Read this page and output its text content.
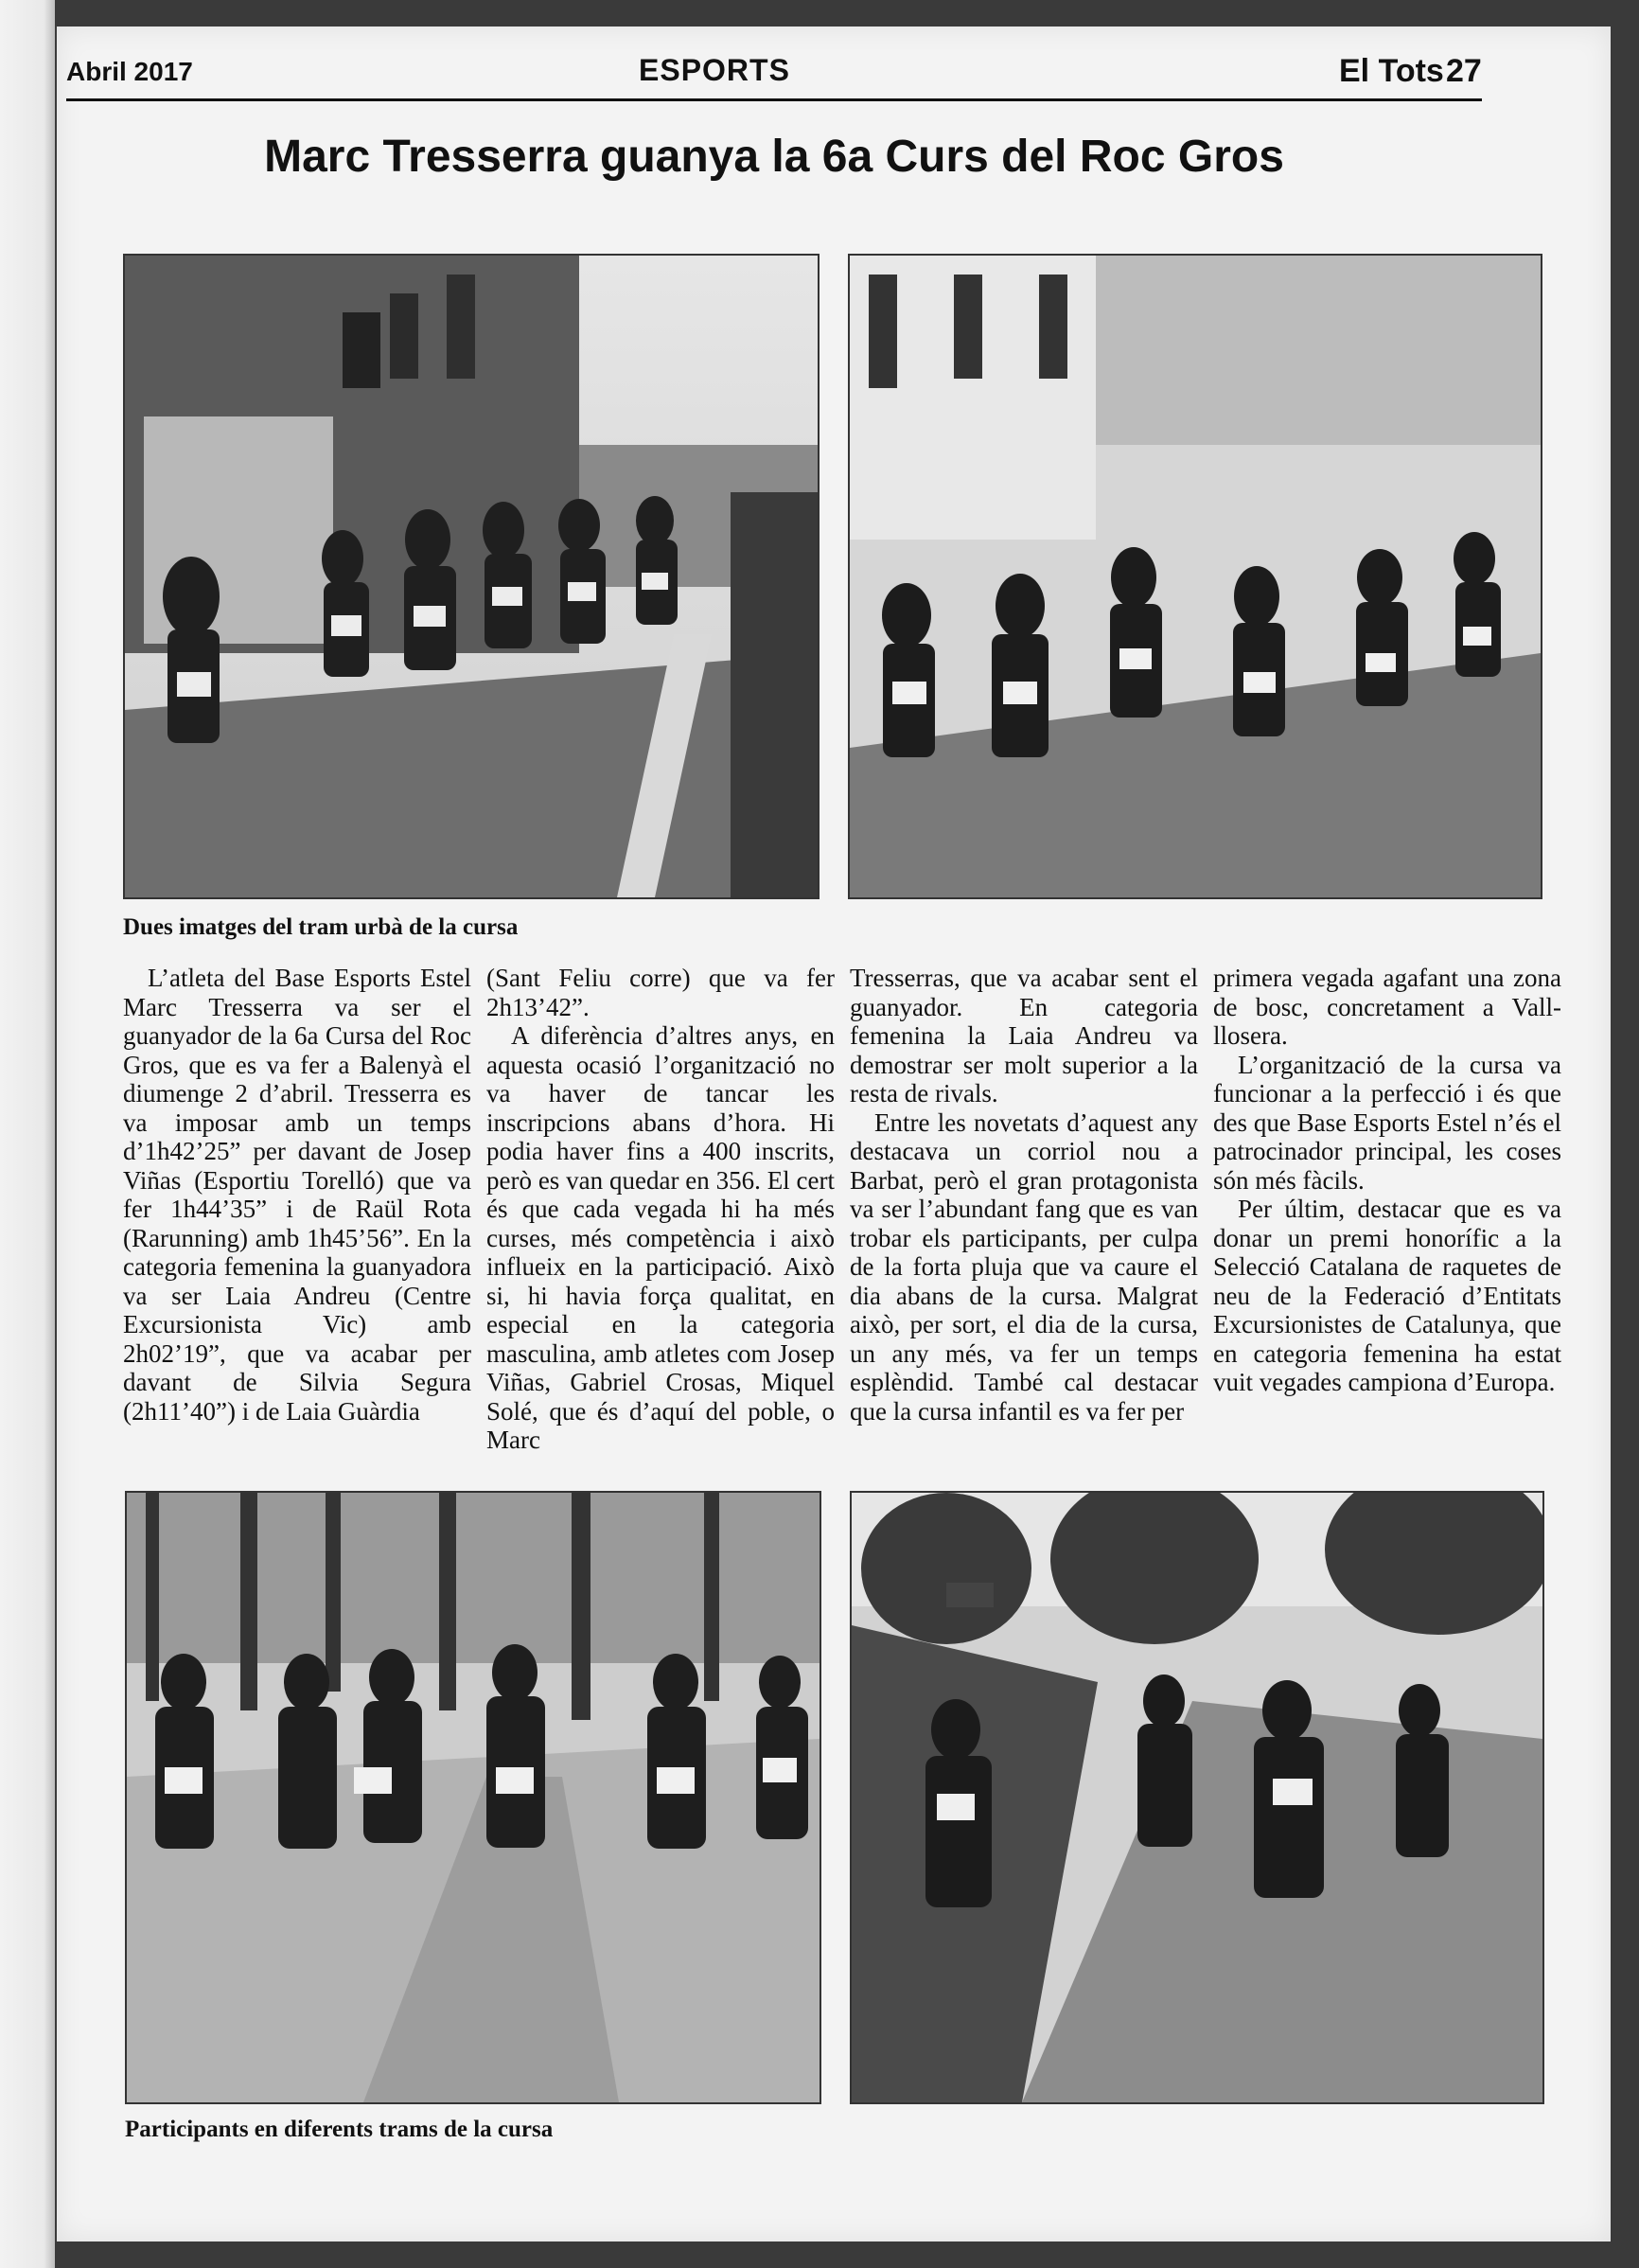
Abril 2017	ESPORTS	El Tots 27
Marc Tresserra guanya la 6a Curs del Roc Gros
Dues imatges del tram urbà de la cursa

L’atleta del Base Esports Estel Marc Tresserra va ser el guanyador de la 6a Cursa del Roc Gros, que es va fer a Balenyà el diumenge 2 d’abril. Tresserra es va imposar amb un temps d’1h42’25” per davant de Josep Viñas (Esportiu Torelló) que va fer 1h44’35” i de Raül Rota (Rarunning) amb 1h45’56”. En la categoria femenina la guanyadora va ser Laia Andreu (Centre Excursionista Vic) amb 2h02’19”, que va acabar per davant de Silvia Segura (2h11’40”) i de Laia Guàrdia

(Sant Feliu corre) que va fer 2h13’42”.

A diferència d’altres anys, en aquesta ocasió l’organització no va haver de tancar les inscripcions abans d’hora. Hi podia haver fins a 400 inscrits, però es van quedar en 356. El cert és que cada vegada hi ha més curses, més competència i això influeix en la participació. Això si, hi havia força qualitat, en especial en la categoria masculina, amb atletes com Josep Viñas, Gabriel Crosas, Miquel Solé, que és d’aquí del poble, o Marc

Tresserras, que va acabar sent el guanyador. En categoria femenina la Laia Andreu va demostrar ser molt superior a la resta de rivals.

Entre les novetats d’aquest any destacava un corriol nou a Barbat, però el gran protagonista va ser l’abundant fang que es van trobar els participants, per culpa de la forta pluja que va caure el dia abans de la cursa. Malgrat això, per sort, el dia de la cursa, un any més, va fer un temps esplèndid. També cal destacar que la cursa infantil es va fer per

primera vegada agafant una zona de bosc, concretament a Vall-llosera.

L’organització de la cursa va funcionar a la perfecció i és que des que Base Esports Estel n’és el patrocinador principal, les coses són més fàcils.

Per últim, destacar que es va donar un premi honorífic a la Selecció Catalana de raquetes de neu de la Federació d’Entitats Excursionistes de Catalunya, que en categoria femenina ha estat vuit vegades campiona d’Europa.

Participants en diferents trams de la cursa
